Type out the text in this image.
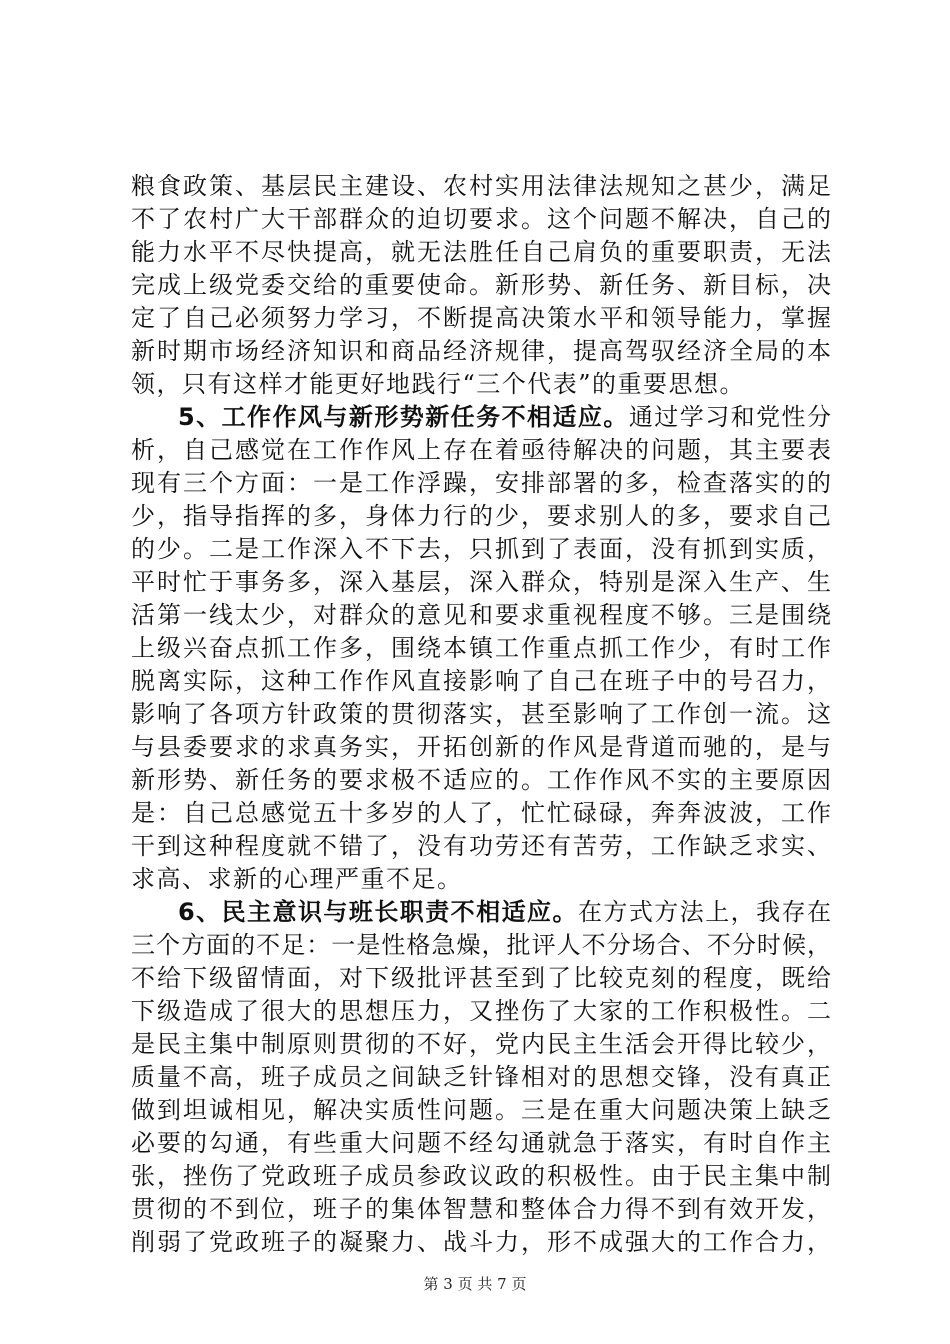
粮食政策、基层民主建设、农村实用法律法规知之甚少，满足
不了农村广大干部群众的迫切要求。这个问题不解决，自己的
能力水平不尽快提高，就无法胜任自己肩负的重要职责，无法
完成上级党委交给的重要使命。新形势、新任务、新目标，决
定了自己必须努力学习，不断提高决策水平和领导能力，掌握
新时期市场经济知识和商品经济规律，提高驾驭经济全局的本
领，只有这样才能更好地践行“三个代表”的重要思想。
5、工作作风与新形势新任务不相适应。通过学习和党性分
析，自己感觉在工作作风上存在着亟待解决的问题，其主要表
现有三个方面：一是工作浮躁，安排部署的多，检查落实的的
少，指导指挥的多，身体力行的少，要求别人的多，要求自己
的少。二是工作深入不下去，只抓到了表面，没有抓到实质，
平时忙于事务多，深入基层，深入群众，特别是深入生产、生
活第一线太少，对群众的意见和要求重视程度不够。三是围绕
上级兴奋点抓工作多，围绕本镇工作重点抓工作少，有时工作
脱离实际，这种工作作风直接影响了自己在班子中的号召力，
影响了各项方针政策的贯彻落实，甚至影响了工作创一流。这
与县委要求的求真务实，开拓创新的作风是背道而驰的，是与
新形势、新任务的要求极不适应的。工作作风不实的主要原因
是：自己总感觉五十多岁的人了，忙忙碌碌，奔奔波波，工作
干到这种程度就不错了，没有功劳还有苦劳，工作缺乏求实、
求高、求新的心理严重不足。
6、民主意识与班长职责不相适应。在方式方法上，我存在
三个方面的不足：一是性格急燥，批评人不分场合、不分时候，
不给下级留情面，对下级批评甚至到了比较克刻的程度，既给
下级造成了很大的思想压力，又挫伤了大家的工作积极性。二
是民主集中制原则贯彻的不好，党内民主生活会开得比较少，
质量不高，班子成员之间缺乏针锋相对的思想交锋，没有真正
做到坦诚相见，解决实质性问题。三是在重大问题决策上缺乏
必要的勾通，有些重大问题不经勾通就急于落实，有时自作主
张，挫伤了党政班子成员参政议政的积极性。由于民主集中制
贯彻的不到位，班子的集体智慧和整体合力得不到有效开发，
削弱了党政班子的凝聚力、战斗力，形不成强大的工作合力，
第 3 页 共 7 页
